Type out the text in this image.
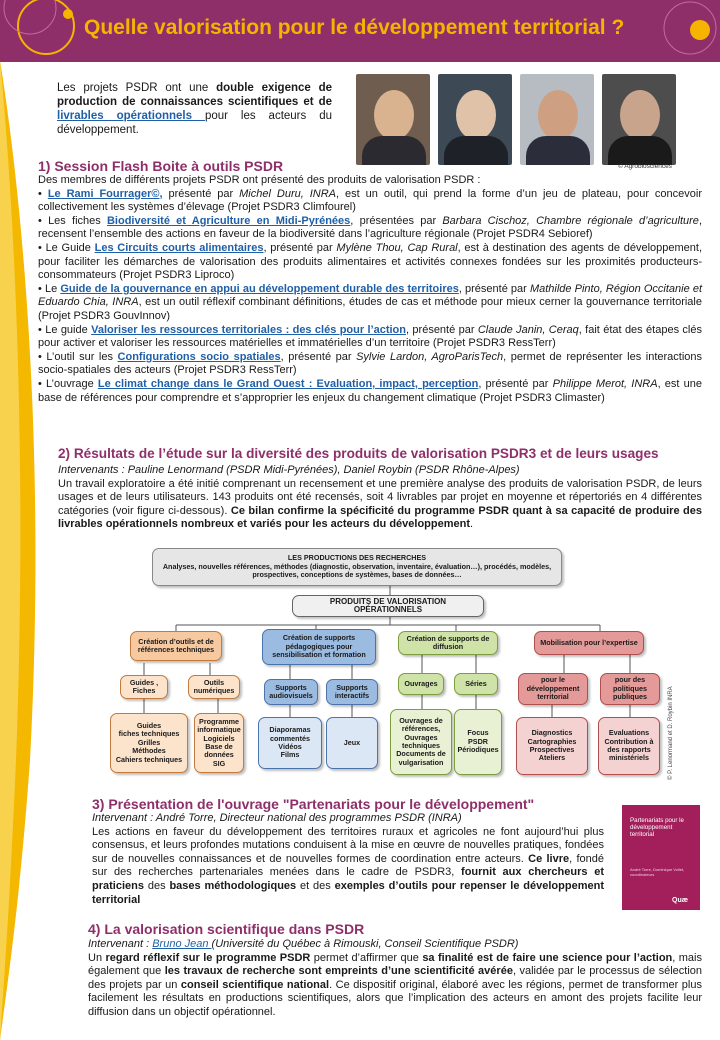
Quelle valorisation pour le développement territorial ?
Les projets PSDR ont une double exigence de production de connaissances scientifiques et de livrables opérationnels pour les acteurs du développement.
© Agrobiosciences
1) Session Flash Boite à outils PSDR
Des membres de différents projets PSDR ont présenté des produits de valorisation PSDR :
• Le Rami Fourrager©, présenté par Michel Duru, INRA, est un outil, qui prend la forme d’un jeu de plateau, pour concevoir collectivement les systèmes d’élevage (Projet PSDR3 Climfourel)
• Les fiches Biodiversité et Agriculture en Midi-Pyrénées, présentées par Barbara Cischoz, Chambre régionale d’agriculture, recensent l’ensemble des actions en faveur de la biodiversité dans l’agriculture régionale (Projet PSDR4 Sebioref)
• Le Guide Les Circuits courts alimentaires, présenté par Mylène Thou, Cap Rural, est à destination des agents de développement, pour faciliter les démarches de valorisation des produits alimentaires et activités connexes fondées sur les proximités producteurs-consommateurs (Projet PSDR3 Liproco)
• Le Guide de la gouvernance en appui au développement durable des territoires, présenté par Mathilde Pinto, Région Occitanie et Eduardo Chia, INRA, est un outil réflexif combinant définitions, études de cas et méthode pour mieux cerner la gouvernance territoriale (Projet PSDR3 GouvInnov)
• Le guide Valoriser les ressources territoriales : des clés pour l’action, présenté par Claude Janin, Ceraq, fait état des étapes clés pour activer et valoriser les ressources matérielles et immatérielles d’un territoire (Projet PSDR3 RessTerr)
• L’outil sur les Configurations socio spatiales, présenté par Sylvie Lardon, AgroParisTech, permet de représenter les interactions socio-spatiales des acteurs (Projet PSDR3 RessTerr)
• L’ouvrage Le climat change dans le Grand Ouest : Evaluation, impact, perception, présenté par Philippe Merot, INRA, est une base de références pour comprendre et s’approprier les enjeux du changement climatique (Projet PSDR3 Climaster)
2) Résultats de l’étude sur la diversité des produits de valorisation PSDR3 et de leurs usages
Intervenants : Pauline Lenormand (PSDR Midi-Pyrénées), Daniel Roybin (PSDR Rhône-Alpes)
Un travail exploratoire a été initié comprenant un recensement et une première analyse des produits de valorisation PSDR, de leurs usages et de leurs utilisateurs. 143 produits ont été recensés, soit 4 livrables par projet en moyenne et répertoriés en 4 différentes catégories (voir figure ci-dessous). Ce bilan confirme la spécificité du programme PSDR quant à sa capacité de produire des livrables opérationnels nombreux et variés pour les acteurs du développement.
LES PRODUCTIONS DES RECHERCHES
Analyses, nouvelles références, méthodes (diagnostic, observation, inventaire, évaluation…), procédés, modèles, prospectives, conceptions de systèmes, bases de données…
PRODUITS DE VALORISATION OPÉRATIONNELS
Création d’outils et de références techniques
Création de supports pédagogiques pour sensibilisation et formation
Création de supports de diffusion	Mobilisation pour l’expertise
Guides , Fiches
Outils numériques	Supports audiovisuels
Supports interactifs
Ouvrages	Séries	pour le développement territorial
pour des politiques publiques
Guides
fiches techniques
Grilles
Méthodes
Cahiers techniques
Programme informatique
Logiciels
Base de données
SIG
Diaporamas commentés
Vidéos
Films
Jeux
Ouvrages de références,
Ouvrages techniques
Documents de vulgarisation
Focus PSDR
Périodiques
Diagnostics
Cartographies
Prospectives
Ateliers
Evaluations
Contribution à des rapports ministériels	© P. Lenormand et D. Roybin INRA
3) Présentation de l'ouvrage "Partenariats pour le développement"
Intervenant : André Torre, Directeur national des programmes PSDR (INRA)
Les actions en faveur du développement des territoires ruraux et agricoles ne font aujourd’hui plus consensus, et leurs profondes mutations conduisent à la mise en œuvre de nouvelles pratiques, fondées sur de nouvelles connaissances et de nouvelles formes de coordination entre acteurs. Ce livre, fondé sur des recherches partenariales menées dans le cadre de PSDR3, fournit aux chercheurs et praticiens des bases méthodologiques et des exemples d’outils pour repenser le développement territorial
Partenariats pour le développement territorial
André Torre, Dominique Vollet, coordinateurs
Quæ
4) La valorisation scientifique dans PSDR
Intervenant : Bruno Jean (Université du Québec à Rimouski, Conseil Scientifique PSDR)
Un regard réflexif sur le programme PSDR permet d’affirmer que sa finalité est de faire une science pour l’action, mais également que les travaux de recherche sont empreints d’une scientificité avérée, validée par le processus de sélection des projets par un conseil scientifique national. Ce dispositif original, élaboré avec les régions, permet de transformer plus facilement les résultats en productions scientifiques, alors que l’implication des acteurs en amont des projets facilite leur diffusion dans un objectif opérationnel.
